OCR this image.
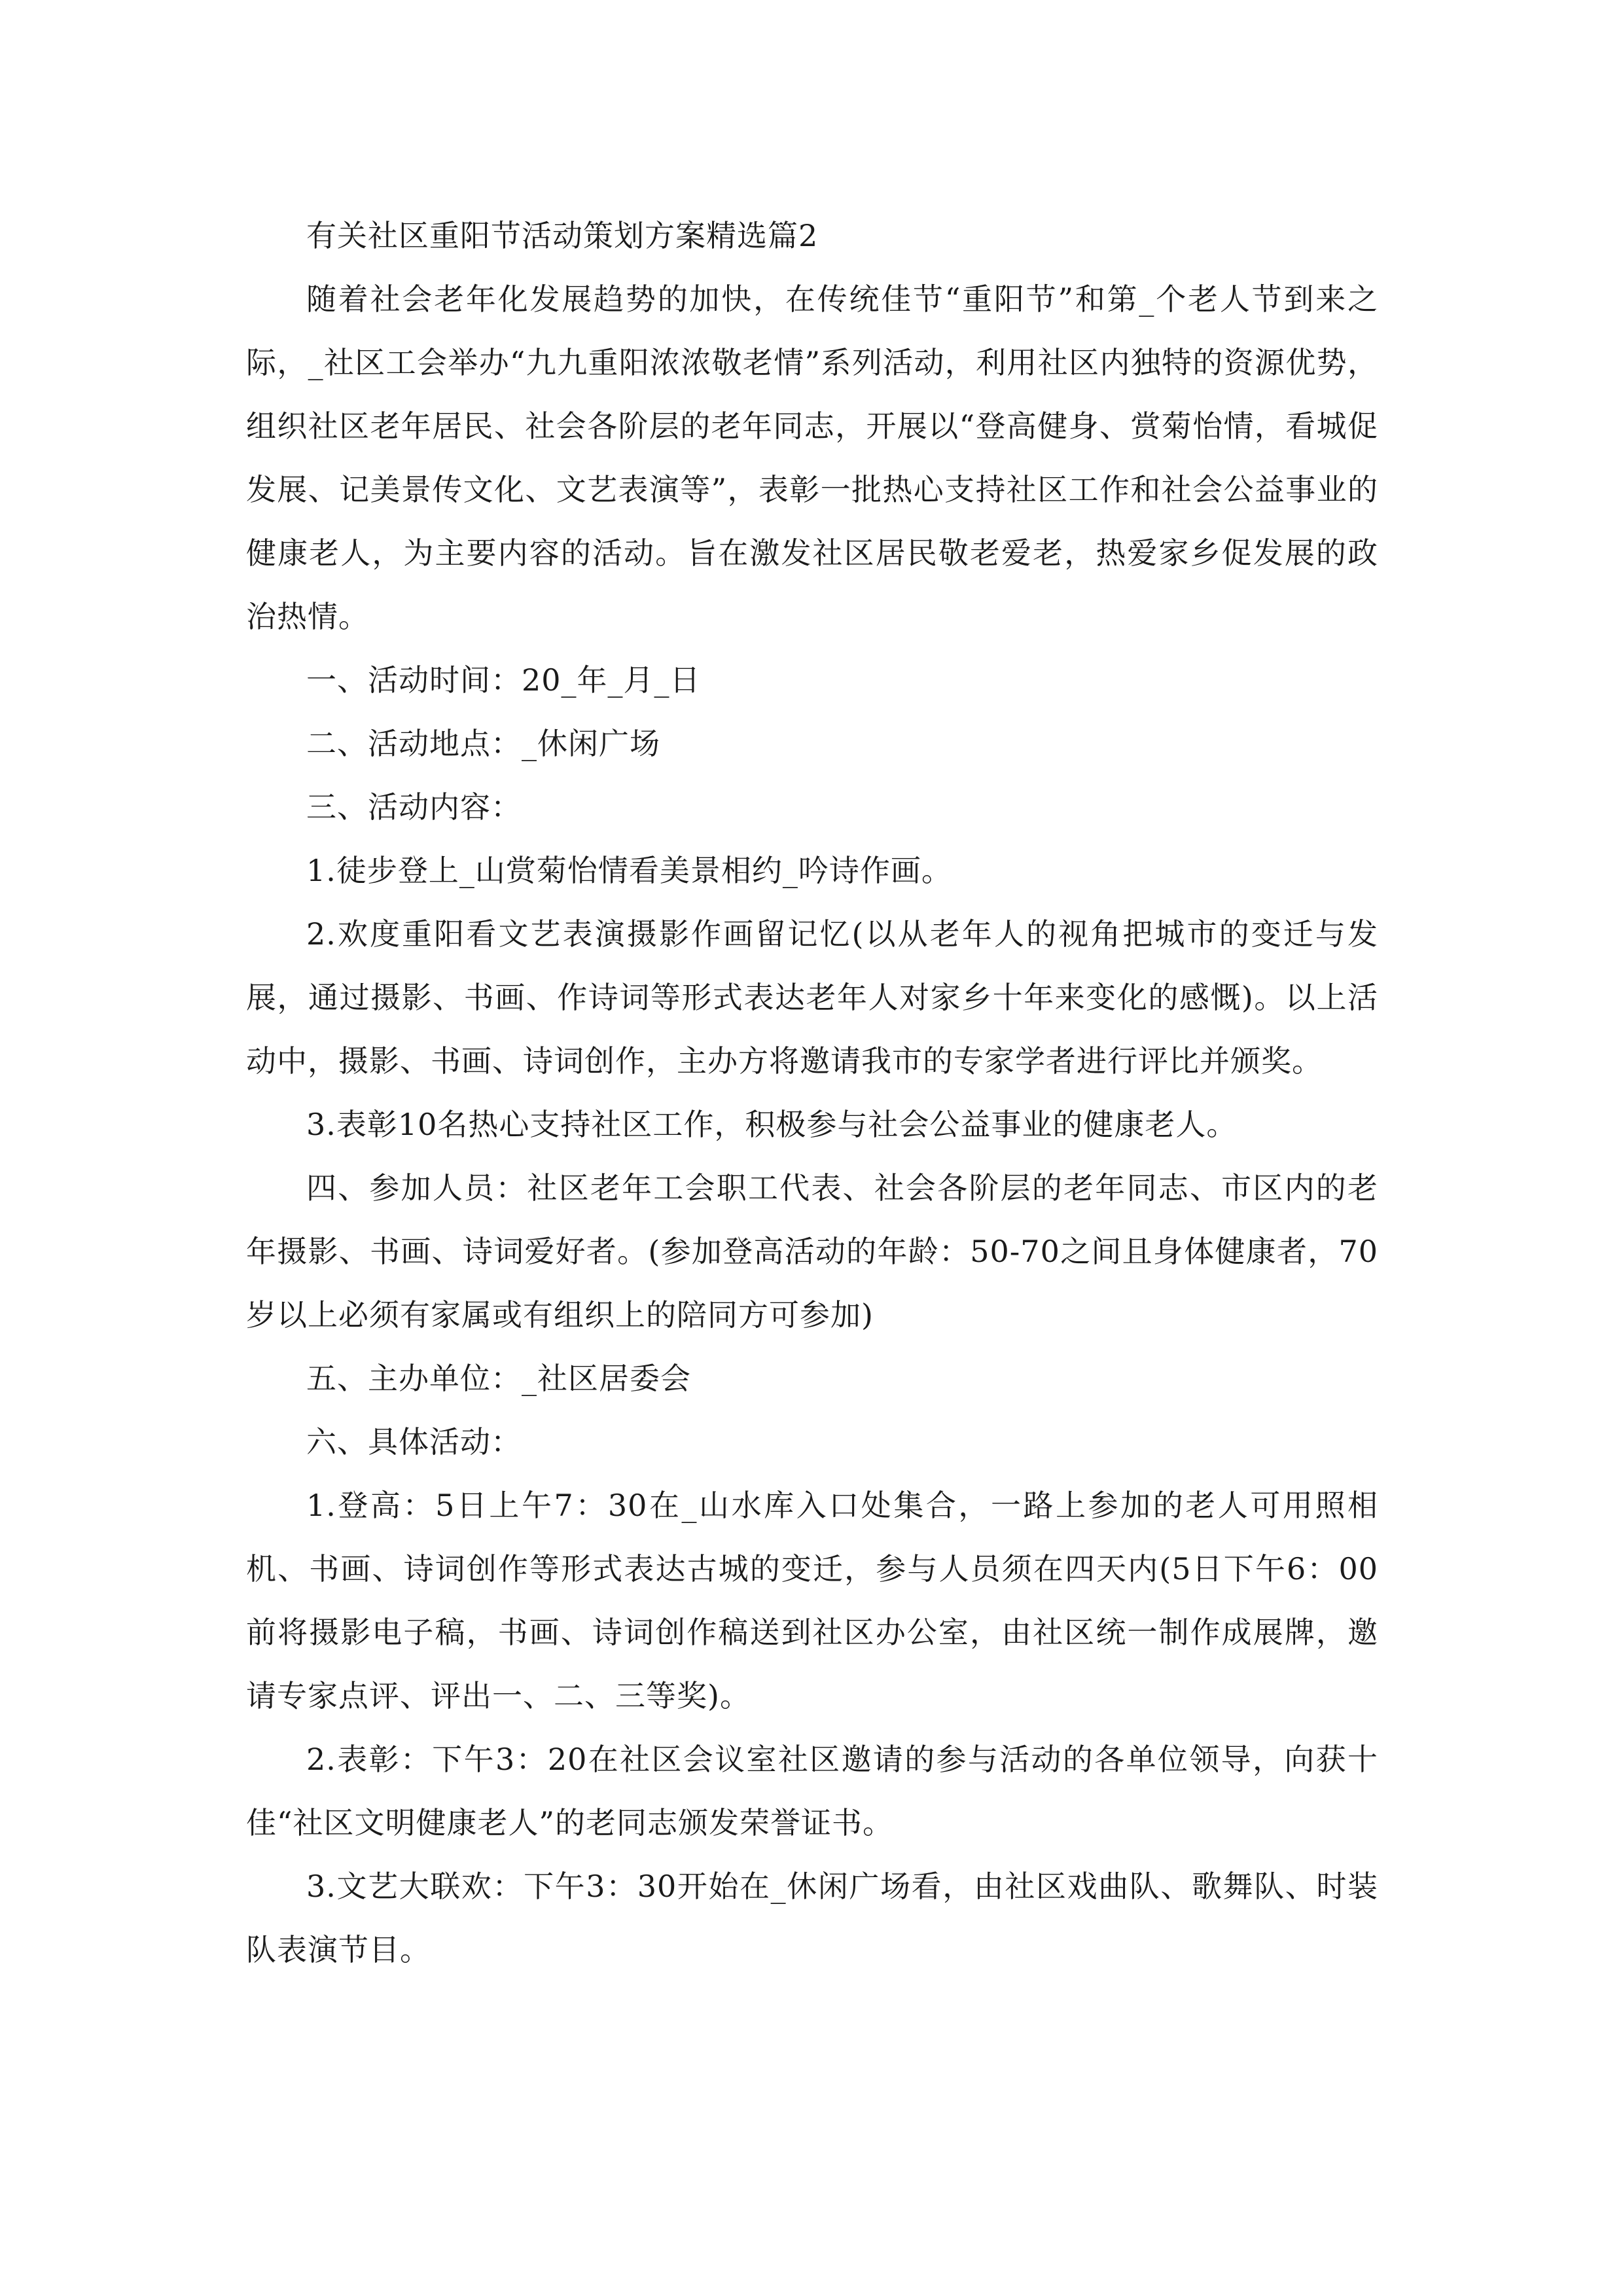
有关社区重阳节活动策划方案精选篇2

随着社会老年化发展趋势的加快，在传统佳节“重阳节”和第_个老人节到来之际，_社区工会举办“九九重阳浓浓敬老情”系列活动，利用社区内独特的资源优势，组织社区老年居民、社会各阶层的老年同志，开展以“登高健身、赏菊怡情，看城促发展、记美景传文化、文艺表演等”，表彰一批热心支持社区工作和社会公益事业的健康老人，为主要内容的活动。旨在激发社区居民敬老爱老，热爱家乡促发展的政治热情。

一、活动时间：20_年_月_日

二、活动地点：_休闲广场

三、活动内容：

1.徒步登上_山赏菊怡情看美景相约_吟诗作画。

2.欢度重阳看文艺表演摄影作画留记忆(以从老年人的视角把城市的变迁与发展，通过摄影、书画、作诗词等形式表达老年人对家乡十年来变化的感慨)。以上活动中，摄影、书画、诗词创作，主办方将邀请我市的专家学者进行评比并颁奖。

3.表彰10名热心支持社区工作，积极参与社会公益事业的健康老人。

四、参加人员：社区老年工会职工代表、社会各阶层的老年同志、市区内的老年摄影、书画、诗词爱好者。(参加登高活动的年龄：50-70之间且身体健康者，70岁以上必须有家属或有组织上的陪同方可参加)

五、主办单位：_社区居委会

六、具体活动：

1.登高：5日上午7：30在_山水库入口处集合，一路上参加的老人可用照相机、书画、诗词创作等形式表达古城的变迁，参与人员须在四天内(5日下午6：00前将摄影电子稿，书画、诗词创作稿送到社区办公室，由社区统一制作成展牌，邀请专家点评、评出一、二、三等奖)。

2.表彰：下午3：20在社区会议室社区邀请的参与活动的各单位领导，向获十佳“社区文明健康老人”的老同志颁发荣誉证书。

3.文艺大联欢：下午3：30开始在_休闲广场看，由社区戏曲队、歌舞队、时装队表演节目。
